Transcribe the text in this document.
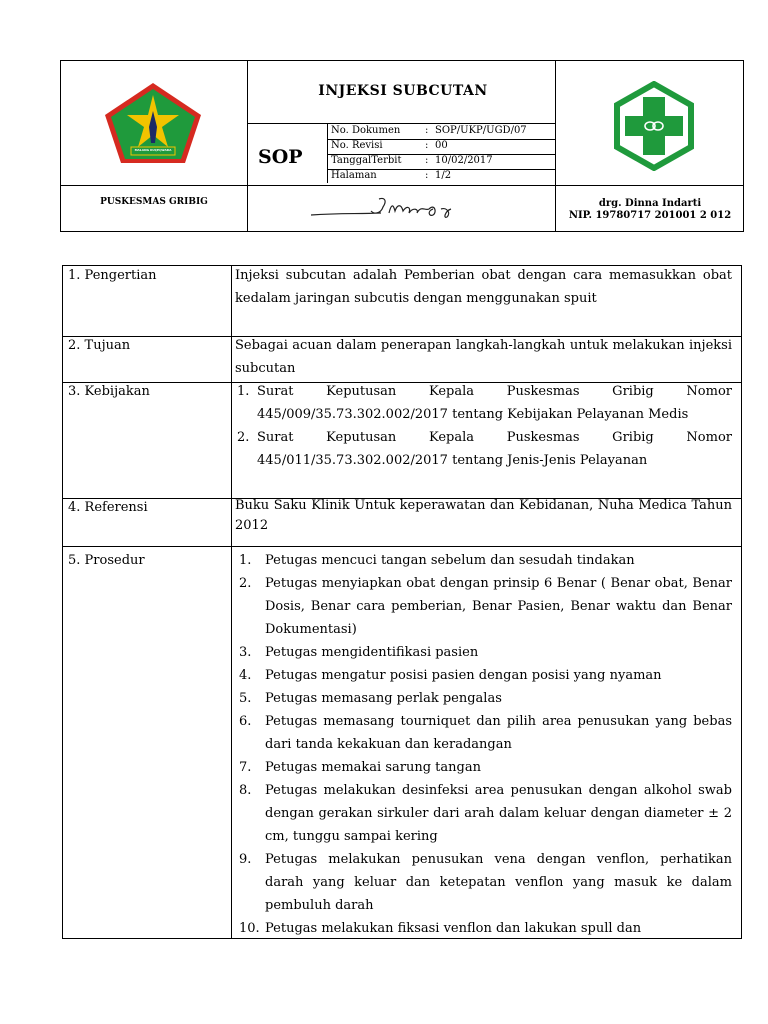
MALANG KUÇEÇWARA
INJEKSI SUBCUTAN
SOP
No. Dokumen : SOP/UKP/UGD/07
No. Revisi	: 00
TanggalTerbit : 10/02/2017
Halaman	: 1/2
PUSKESMAS GRIBIG	drg. Dinna Indarti
NIP. 19780717 201001 2 012
1. Pengertian	Injeksi subcutan adalah Pemberian obat dengan cara memasukkan obat kedalam jaringan subcutis dengan menggunakan spuit
2. Tujuan	Sebagai acuan dalam penerapan langkah-langkah untuk melakukan injeksi subcutan
3. Kebijakan	1. Surat Keputusan Kepala Puskesmas Gribig Nomor 445/009/35.73.302.002/2017 tentang Kebijakan Pelayanan Medis
2. Surat Keputusan Kepala Puskesmas Gribig Nomor 445/011/35.73.302.002/2017 tentang Jenis-Jenis Pelayanan
4. Referensi	Buku Saku Klinik Untuk keperawatan dan Kebidanan, Nuha Medica Tahun 2012
5. Prosedur	1. Petugas mencuci tangan sebelum dan sesudah tindakan
2. Petugas menyiapkan obat dengan prinsip 6 Benar ( Benar obat, Benar Dosis, Benar cara pemberian, Benar Pasien, Benar waktu dan Benar Dokumentasi)
3. Petugas mengidentifikasi pasien
4. Petugas mengatur posisi pasien dengan posisi yang nyaman
5. Petugas memasang perlak pengalas
6. Petugas memasang tourniquet dan pilih area penusukan yang bebas dari tanda kekakuan dan keradangan
7. Petugas memakai sarung tangan
8. Petugas melakukan desinfeksi area penusukan dengan alkohol swab dengan gerakan sirkuler dari arah dalam keluar dengan diameter ± 2 cm, tunggu sampai kering
9. Petugas melakukan penusukan vena dengan venflon, perhatikan darah yang keluar dan ketepatan venflon yang masuk ke dalam pembuluh darah
10. Petugas melakukan fiksasi venflon dan lakukan spull dan
